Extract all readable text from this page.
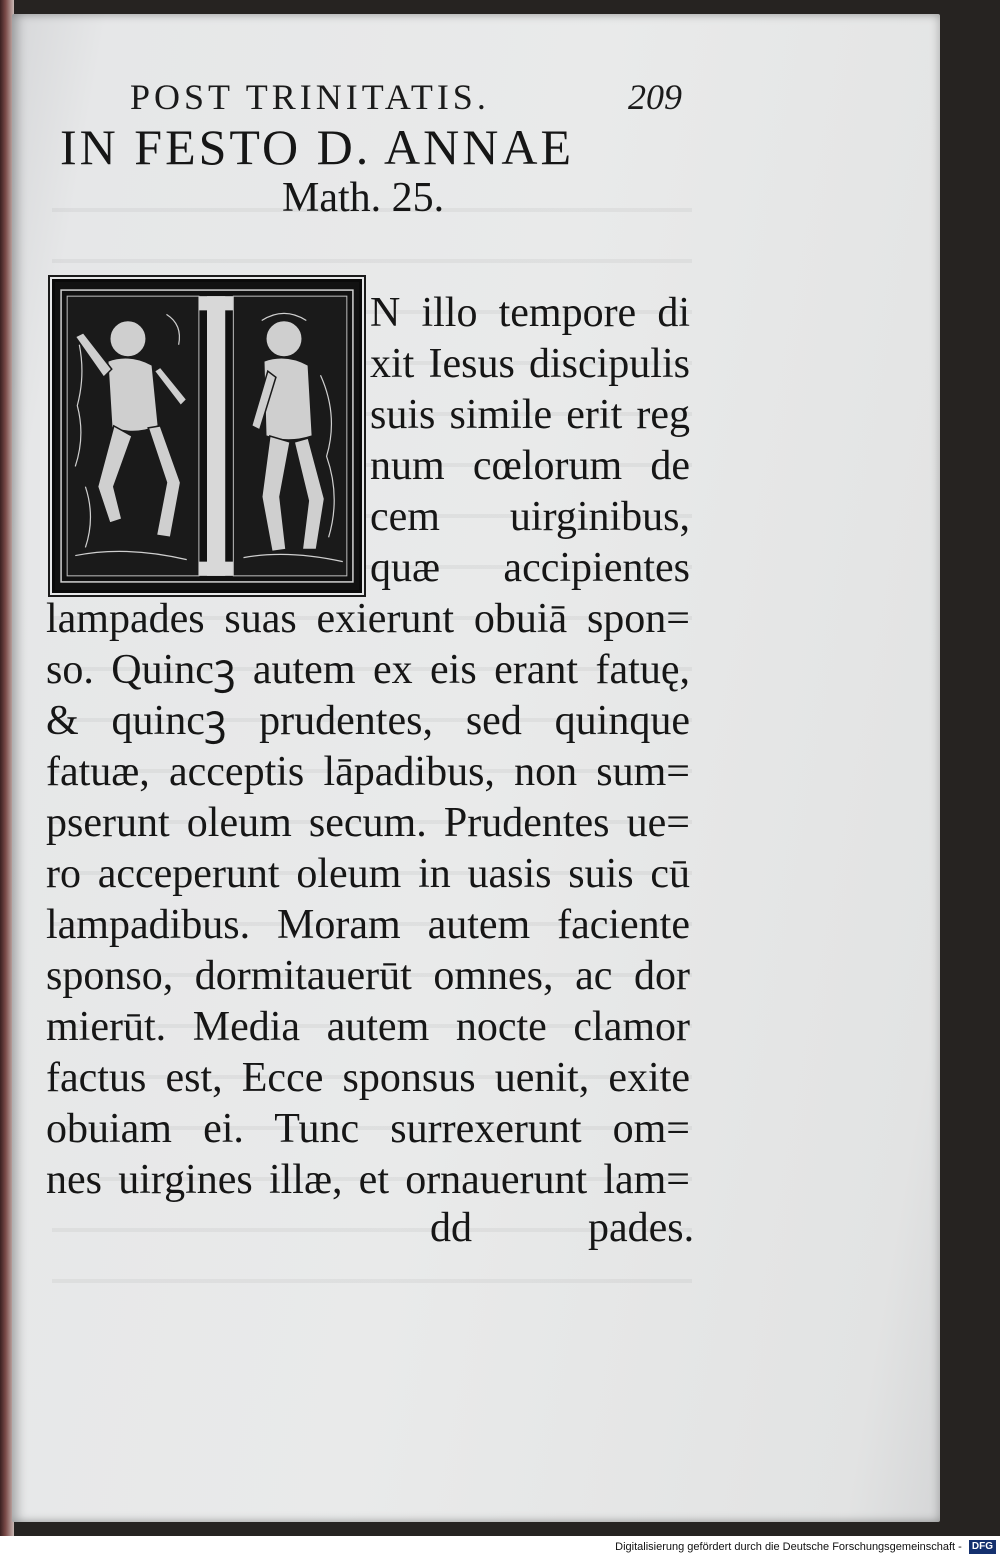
POST TRINITATIS.	209
IN FESTO D. ANNAE
Math. 25.
N illo tempore di
xit Iesus discipulis
suis simile erit reg
num cœlorum de
cem uirginibus,
quæ accipientes
lampades suas exierunt obuiā spon=
so. Quincꝫ autem ex eis erant fatuę,
& quincꝫ prudentes, sed quinque
fatuæ, acceptis lāpadibus, non sum=
pserunt oleum secum. Prudentes ue=
ro acceperunt oleum in uasis suis cū
lampadibus. Moram autem faciente
sponso, dormitauerūt omnes, ac dor
mierūt. Media autem nocte clamor
factus est, Ecce sponsus uenit, exite
obuiam ei. Tunc surrexerunt om=
nes uirgines illæ, et ornauerunt lam=
dd	pades.
Digitalisierung gefördert durch die Deutsche Forschungsgemeinschaft - DFG
